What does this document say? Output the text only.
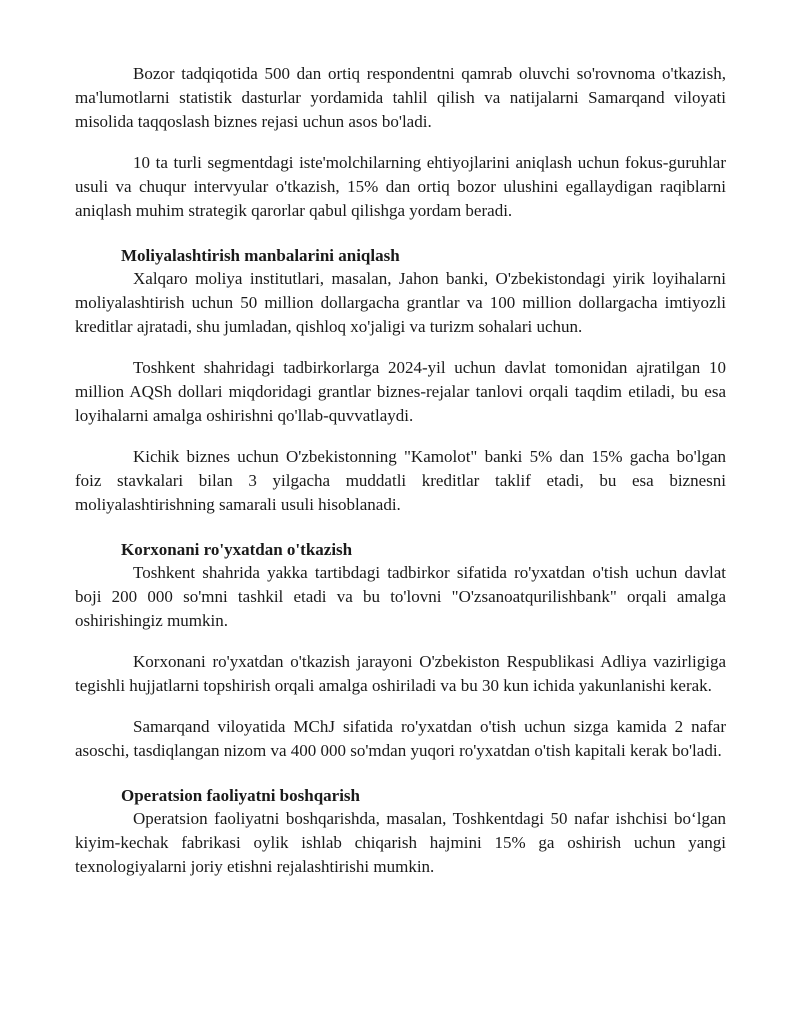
Bozor tadqiqotida 500 dan ortiq respondentni qamrab oluvchi so'rovnoma o'tkazish, ma'lumotlarni statistik dasturlar yordamida tahlil qilish va natijalarni Samarqand viloyati misolida taqqoslash biznes rejasi uchun asos bo'ladi.

10 ta turli segmentdagi iste'molchilarning ehtiyojlarini aniqlash uchun fokus-guruhlar usuli va chuqur intervyular o'tkazish, 15% dan ortiq bozor ulushini egallaydigan raqiblarni aniqlash muhim strategik qarorlar qabul qilishga yordam beradi.

Moliyalashtirish manbalarini aniqlash

Xalqaro moliya institutlari, masalan, Jahon banki, O'zbekistondagi yirik loyihalarni moliyalashtirish uchun 50 million dollargacha grantlar va 100 million dollargacha imtiyozli kreditlar ajratadi, shu jumladan, qishloq xo'jaligi va turizm sohalari uchun.

Toshkent shahridagi tadbirkorlarga 2024-yil uchun davlat tomonidan ajratilgan 10 million AQSh dollari miqdoridagi grantlar biznes-rejalar tanlovi orqali taqdim etiladi, bu esa loyihalarni amalga oshirishni qo'llab-quvvatlaydi.

Kichik biznes uchun O'zbekistonning "Kamolot" banki 5% dan 15% gacha bo'lgan foiz stavkalari bilan 3 yilgacha muddatli kreditlar taklif etadi, bu esa biznesni moliyalashtirishning samarali usuli hisoblanadi.

Korxonani ro'yxatdan o'tkazish

Toshkent shahrida yakka tartibdagi tadbirkor sifatida ro'yxatdan o'tish uchun davlat boji 200 000 so'mni tashkil etadi va bu to'lovni "O'zsanoatqurilishbank" orqali amalga oshirishingiz mumkin.

Korxonani ro'yxatdan o'tkazish jarayoni O'zbekiston Respublikasi Adliya vazirligiga tegishli hujjatlarni topshirish orqali amalga oshiriladi va bu 30 kun ichida yakunlanishi kerak.

Samarqand viloyatida MChJ sifatida ro'yxatdan o'tish uchun sizga kamida 2 nafar asoschi, tasdiqlangan nizom va 400 000 so'mdan yuqori ro'yxatdan o'tish kapitali kerak bo'ladi.

Operatsion faoliyatni boshqarish

Operatsion faoliyatni boshqarishda, masalan, Toshkentdagi 50 nafar ishchisi bo‘lgan kiyim-kechak fabrikasi oylik ishlab chiqarish hajmini 15% ga oshirish uchun yangi texnologiyalarni joriy etishni rejalashtirishi mumkin.
